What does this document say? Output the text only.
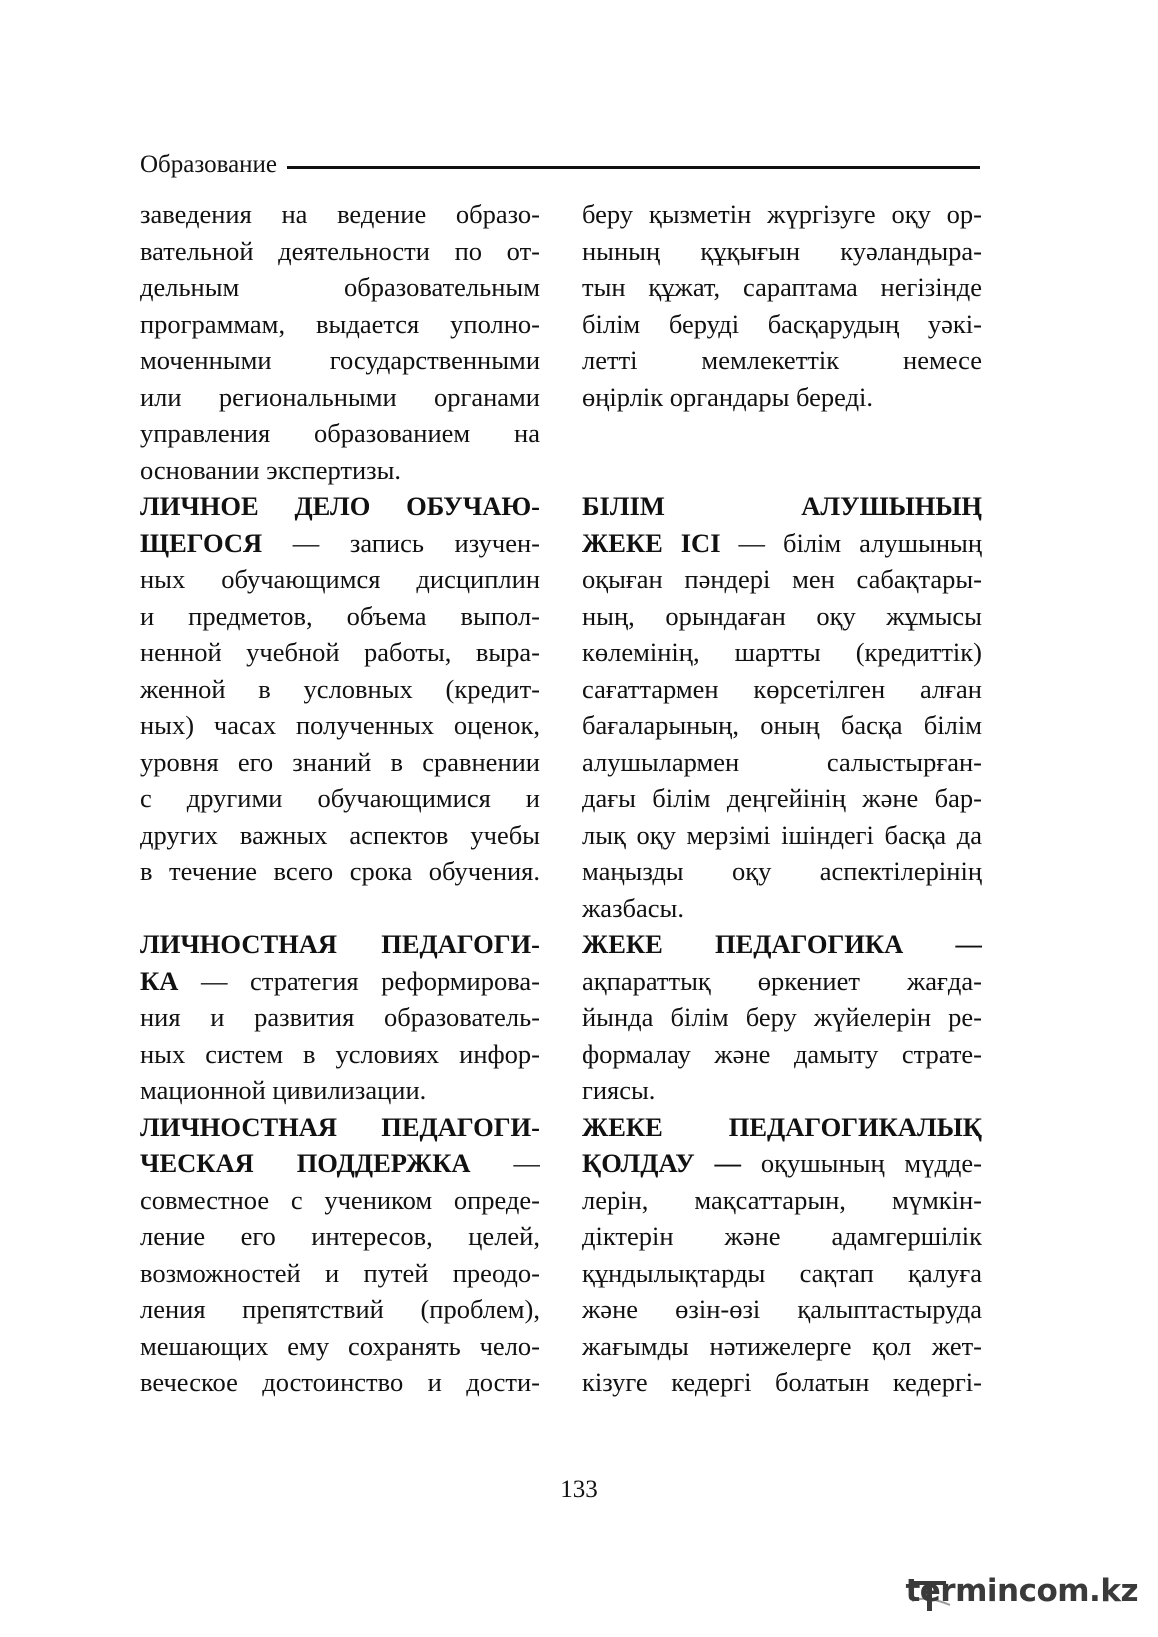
Образование
заведения на ведение образо-
вательной деятельности по от-
дельным образовательным
программам, выдается уполно-
моченными государственными
или региональными органами
управления образованием на
основании экспертизы.
ЛИЧНОЕ ДЕЛО ОБУЧАЮ-
ЩЕГОСЯ — запись изучен-
ных обучающимся дисциплин
и предметов, объема выпол-
ненной учебной работы, выра-
женной в условных (кредит-
ных) часах полученных оценок,
уровня его знаний в сравнении
с другими обучающимися и
других важных аспектов учебы
в течение всего срока обучения.
ЛИЧНОСТНАЯ ПЕДАГОГИ-
КА — стратегия реформирова-
ния и развития образователь-
ных систем в условиях инфор-
мационной цивилизации.
ЛИЧНОСТНАЯ ПЕДАГОГИ-
ЧЕСКАЯ ПОДДЕРЖКА —
совместное с учеником опреде-
ление его интересов, целей,
возможностей и путей преодо-
ления препятствий (проблем),
мешающих ему сохранять чело-
веческое достоинство и дости-
беру қызметін жүргізуге оқу ор-
нының құқығын куәландыра-
тын құжат, сараптама негізінде
білім беруді басқарудың уәкі-
летті мемлекеттік немесе
өңірлік органдары береді.
БІЛІМ АЛУШЫНЫҢ
ЖЕКЕ ІСІ — білім алушының
оқыған пәндері мен сабақтары-
ның, орындаған оқу жұмысы
көлемінің, шартты (кредиттік)
сағаттармен көрсетілген алған
бағаларының, оның басқа білім
алушылармен салыстырған-
дағы білім деңгейінің және бар-
лық оқу мерзімі ішіндегі басқа да
маңызды оқу аспектілерінің
жазбасы.
ЖЕКЕ ПЕДАГОГИКА —
ақпараттық өркениет жағда-
йында білім беру жүйелерін ре-
формалау және дамыту страте-
гиясы.
ЖЕКЕ ПЕДАГОГИКАЛЫҚ
ҚОЛДАУ — оқушының мүдде-
лерін, мақсаттарын, мүмкін-
діктерін және адамгершілік
құндылықтарды сақтап қалуға
және өзін-өзі қалыптастыруда
жағымды нәтижелерге қол жет-
кізуге кедергі болатын кедергі-
133
termincom.kz
